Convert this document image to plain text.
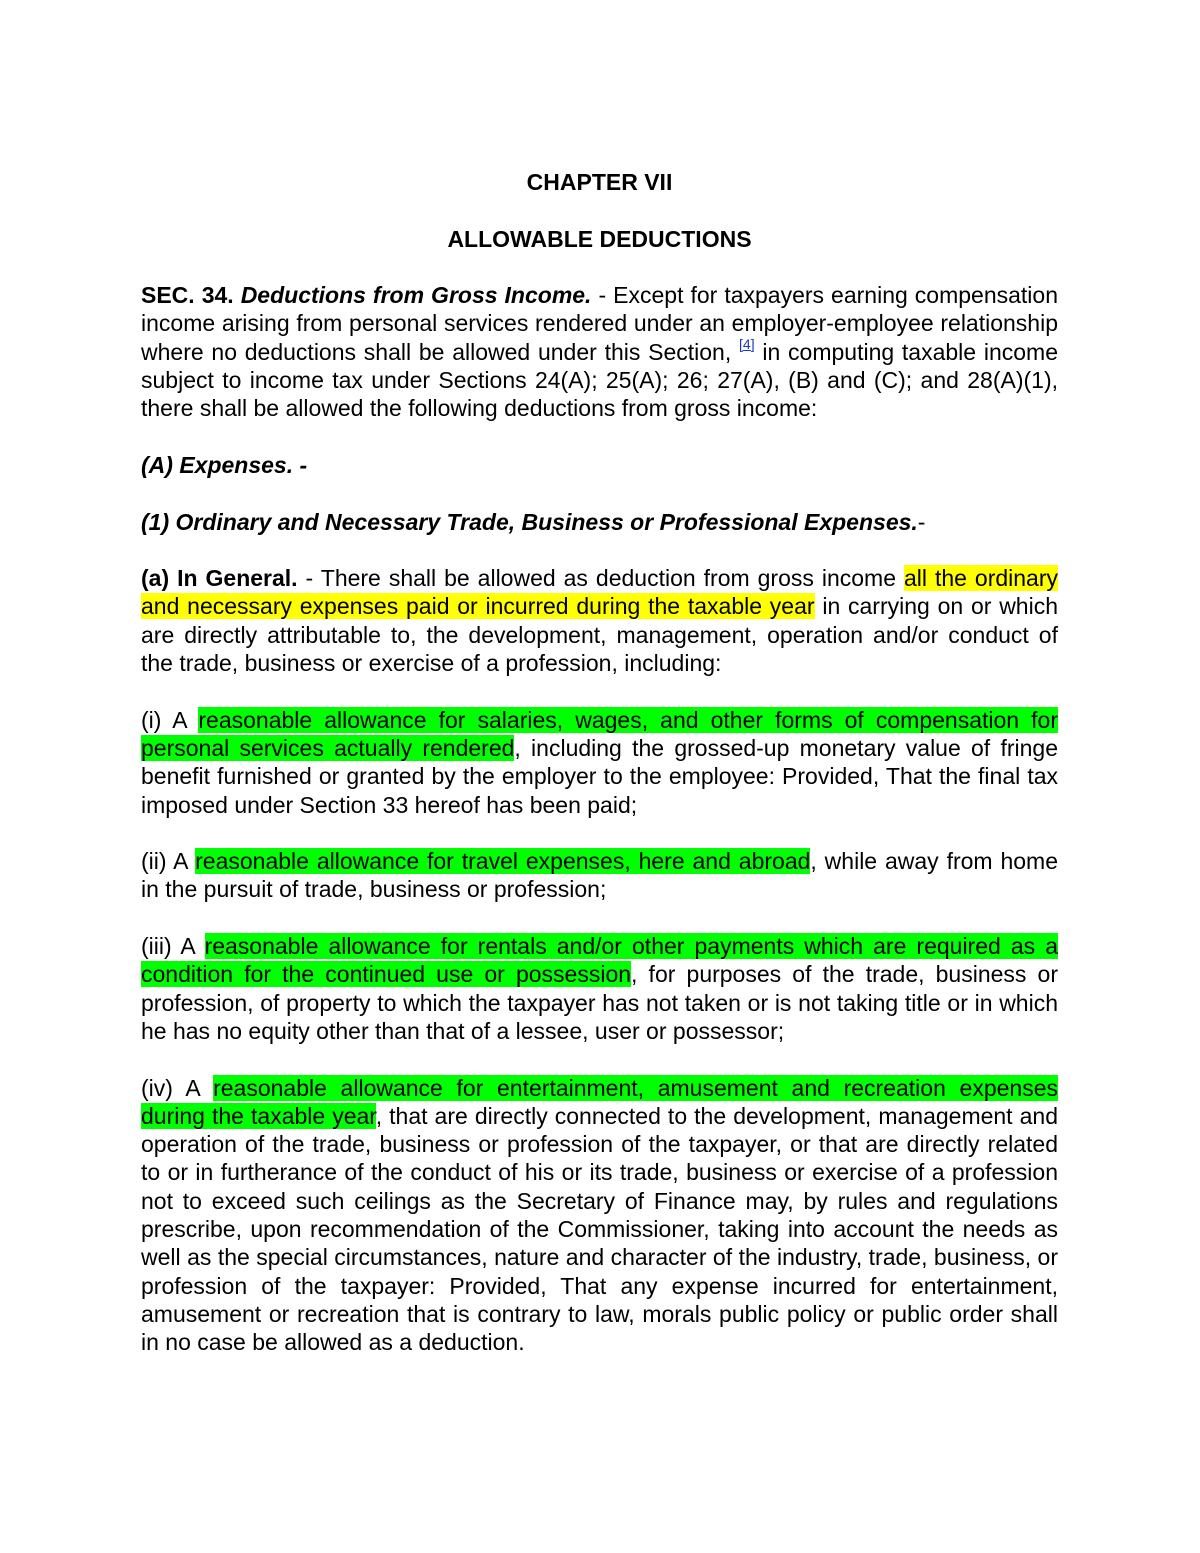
CHAPTER VII

ALLOWABLE DEDUCTIONS

SEC. 34. Deductions from Gross Income. - Except for taxpayers earning compensation income arising from personal services rendered under an employer-employee relationship where no deductions shall be allowed under this Section, [4] in computing taxable income subject to income tax under Sections 24(A); 25(A); 26; 27(A), (B) and (C); and 28(A)(1), there shall be allowed the following deductions from gross income:

(A) Expenses. -

(1) Ordinary and Necessary Trade, Business or Professional Expenses.-

(a) In General. - There shall be allowed as deduction from gross income all the ordinary and necessary expenses paid or incurred during the taxable year in carrying on or which are directly attributable to, the development, management, operation and/or conduct of the trade, business or exercise of a profession, including:

(i) A reasonable allowance for salaries, wages, and other forms of compensation for personal services actually rendered, including the grossed-up monetary value of fringe benefit furnished or granted by the employer to the employee: Provided, That the final tax imposed under Section 33 hereof has been paid;

(ii) A reasonable allowance for travel expenses, here and abroad, while away from home in the pursuit of trade, business or profession;

(iii) A reasonable allowance for rentals and/or other payments which are required as a condition for the continued use or possession, for purposes of the trade, business or profession, of property to which the taxpayer has not taken or is not taking title or in which he has no equity other than that of a lessee, user or possessor;

(iv) A reasonable allowance for entertainment, amusement and recreation expenses during the taxable year, that are directly connected to the development, management and operation of the trade, business or profession of the taxpayer, or that are directly related to or in furtherance of the conduct of his or its trade, business or exercise of a profession not to exceed such ceilings as the Secretary of Finance may, by rules and regulations prescribe, upon recommendation of the Commissioner, taking into account the needs as well as the special circumstances, nature and character of the industry, trade, business, or profession of the taxpayer: Provided, That any expense incurred for entertainment, amusement or recreation that is contrary to law, morals public policy or public order shall in no case be allowed as a deduction.
